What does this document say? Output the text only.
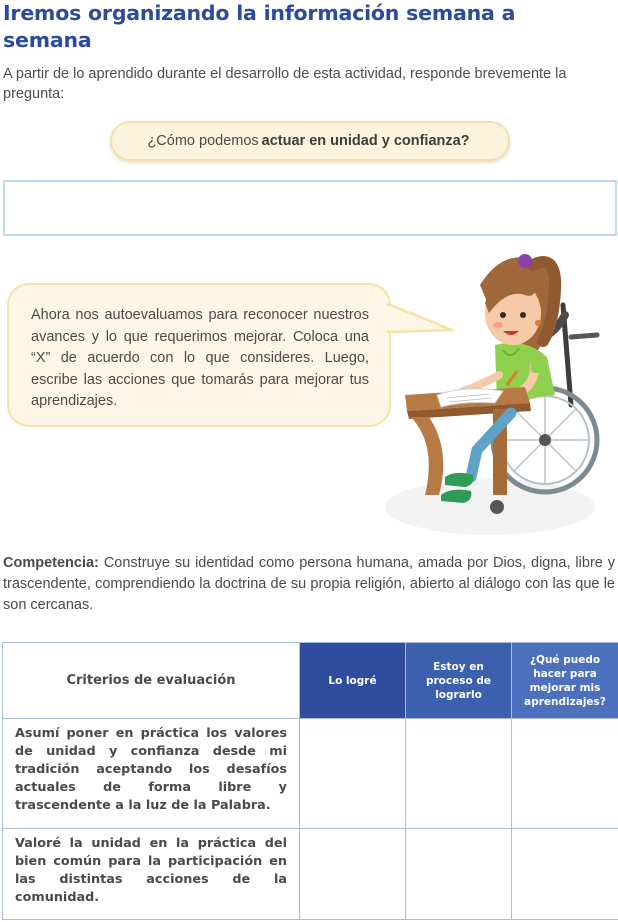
Iremos organizando la información semana a semana

A partir de lo aprendido durante el desarrollo de esta actividad, responde brevemente la pregunta:

¿Cómo podemos actuar en unidad y confianza?

Ahora nos autoevaluamos para reconocer nuestros avances y lo que requerimos mejorar. Coloca una “X” de acuerdo con lo que consideres. Luego, escribe las acciones que tomarás para mejorar tus aprendizajes.

Competencia: Construye su identidad como persona humana, amada por Dios, digna, libre y trascendente, comprendiendo la doctrina de su propia religión, abierto al diálogo con las que le son cercanas.

Criterios de evaluación	Lo logré	Estoy en proceso de lograrlo	¿Qué puedo hacer para mejorar mis aprendizajes?
Asumí poner en práctica los valores de unidad y confianza desde mi tradición aceptando los desafíos actuales de forma libre y trascendente a la luz de la Palabra.			
Valoré la unidad en la práctica del bien común para la participación en las distintas acciones de la comunidad.			
